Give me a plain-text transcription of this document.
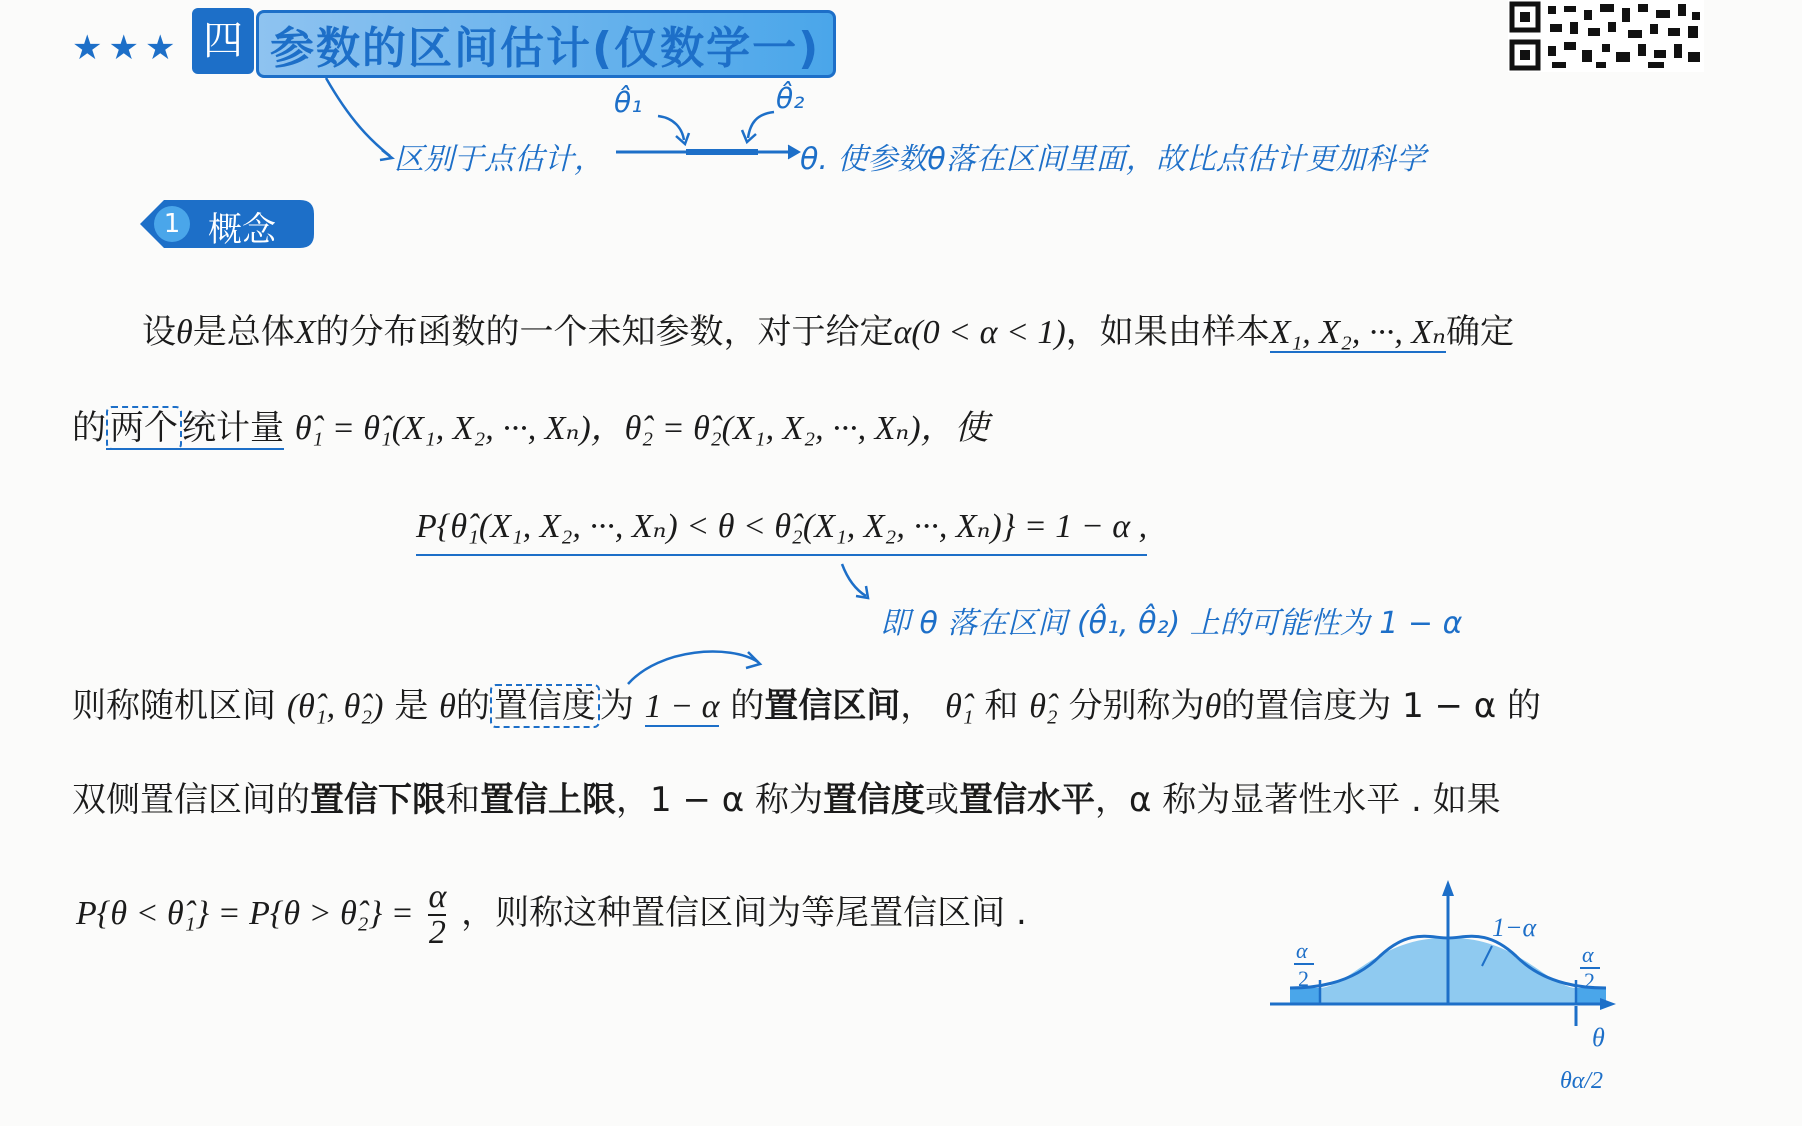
★★★ 四 参数的区间估计(仅数学一)
区别于点估计，
θ̂₁	θ̂₂
θ. 使参数θ落在区间里面，故比点估计更加科学
1 概念
设θ是总体X的分布函数的一个未知参数，对于给定α(0 < α < 1)，如果由样本X₁, X₂, ···, Xₙ确定
的 两个 统计量 θ̂₁ = θ̂₁(X₁, X₂, ···, Xₙ)，θ̂₂ = θ̂₂(X₁, X₂, ···, Xₙ)，使
P{θ̂₁(X₁, X₂, ···, Xₙ) < θ < θ̂₂(X₁, X₂, ···, Xₙ)} = 1 − α ,
即 θ 落在区间 (θ̂₁, θ̂₂) 上的可能性为 1 − α
则称随机区间 (θ̂₁, θ̂₂) 是 θ的 置信度 为 1 − α 的置信区间， θ̂₁ 和 θ̂₂ 分别称为θ的置信度为 1 − α 的
双侧置信区间的置信下限和置信上限，1 − α 称为置信度或置信水平，α 称为显著性水平 . 如果
P{θ < θ̂₁} = P{θ > θ̂₂} = $\frac{\alpha}{2}$ ，则称这种置信区间为等尾置信区间 .	1−α
α
2
α
2
θ
θα/2
